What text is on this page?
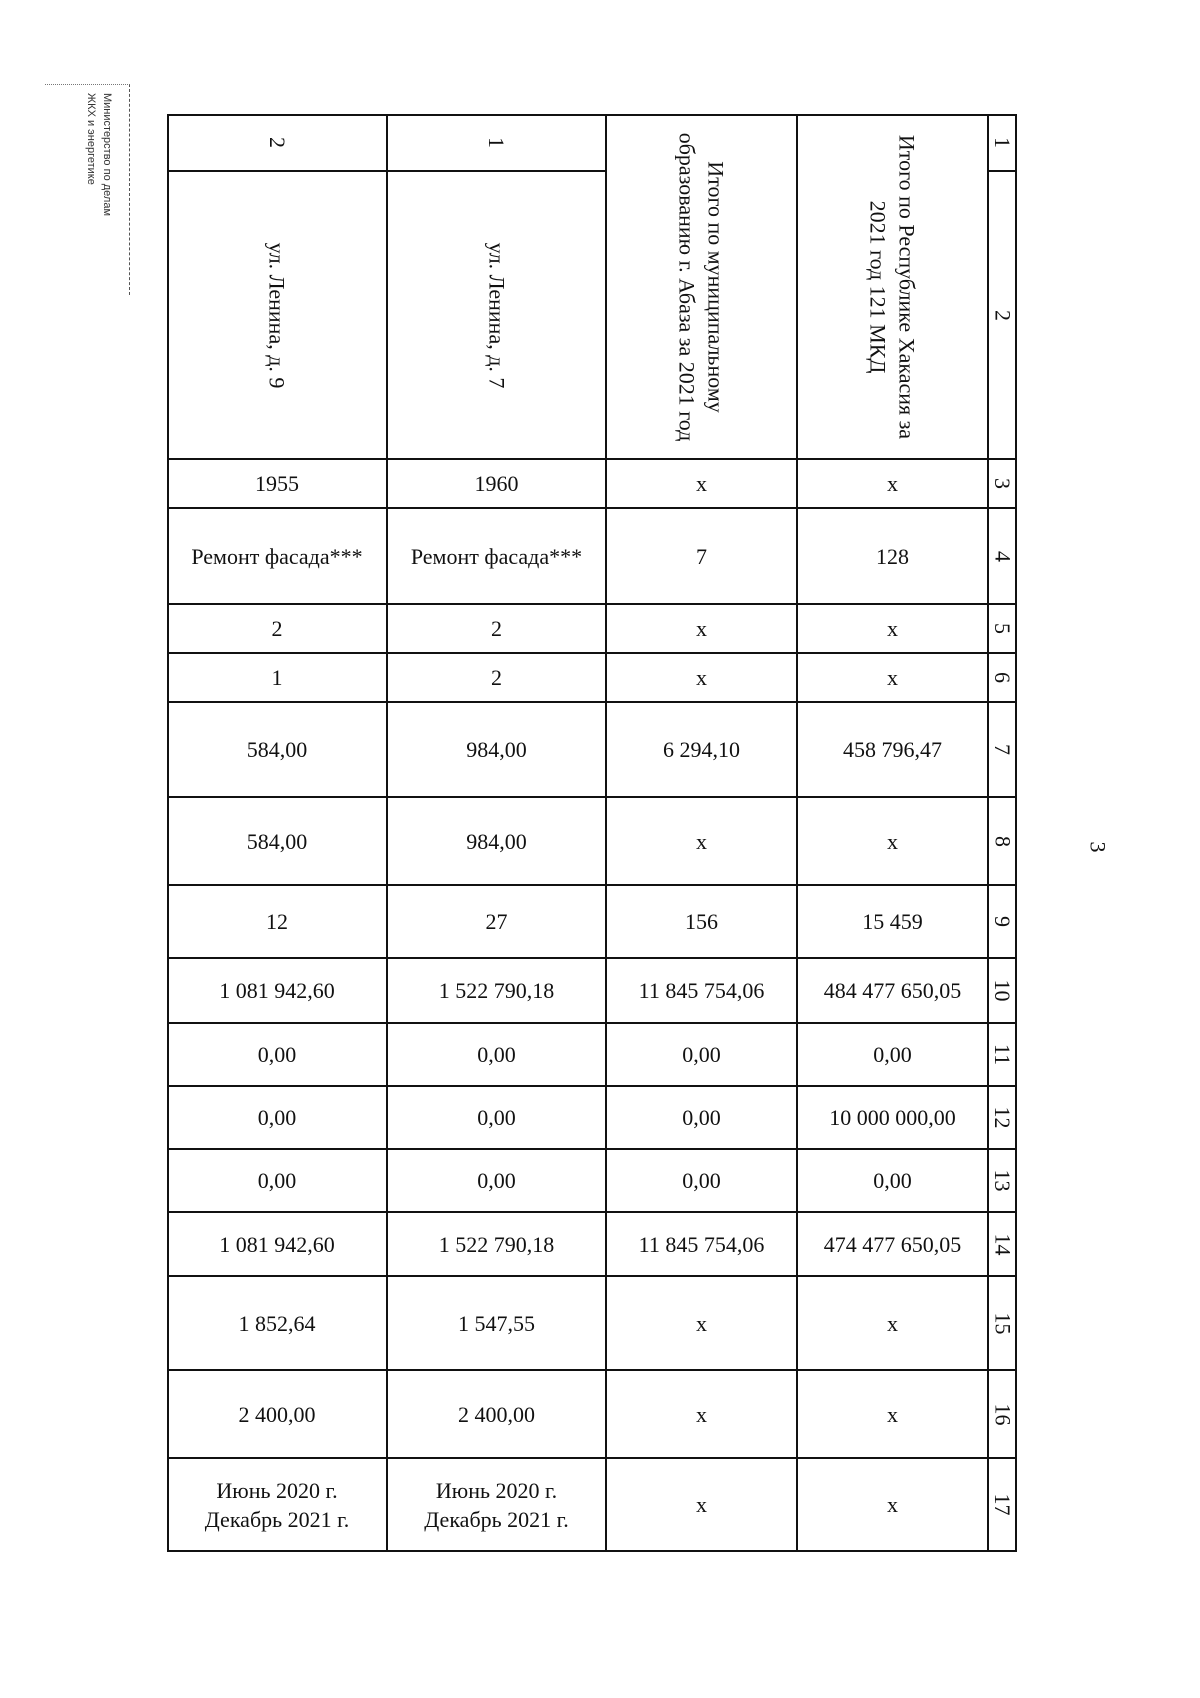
3
Министерство по делам
ЖКХ и энергетике	1
2
3
4
5
6
7
8
9
10
11
12
13
14
15
16
17
2
ул. Ленина, д. 9
1955
Ремонт фасада***
2
1
584,00
584,00
12
1 081 942,60
0,00
0,00
0,00
1 081 942,60
1 852,64
2 400,00
Июнь 2020 г.
Декабрь 2021 г.
1
ул. Ленина, д. 7
1960
Ремонт фасада***
2
2
984,00
984,00
27
1 522 790,18
0,00
0,00
0,00
1 522 790,18
1 547,55
2 400,00
Июнь 2020 г.
Декабрь 2021 г.
Итого по муниципальному образованию г. Абаза за 2021 год
х
7
х
х
6 294,10
х
156
11 845 754,06
0,00
0,00
0,00
11 845 754,06
х
х
х
Итого по Республике Хакасия за 2021 год 121 МКД
х
128
х
х
458 796,47
х
15 459
484 477 650,05
0,00
10 000 000,00
0,00
474 477 650,05
х
х
х
